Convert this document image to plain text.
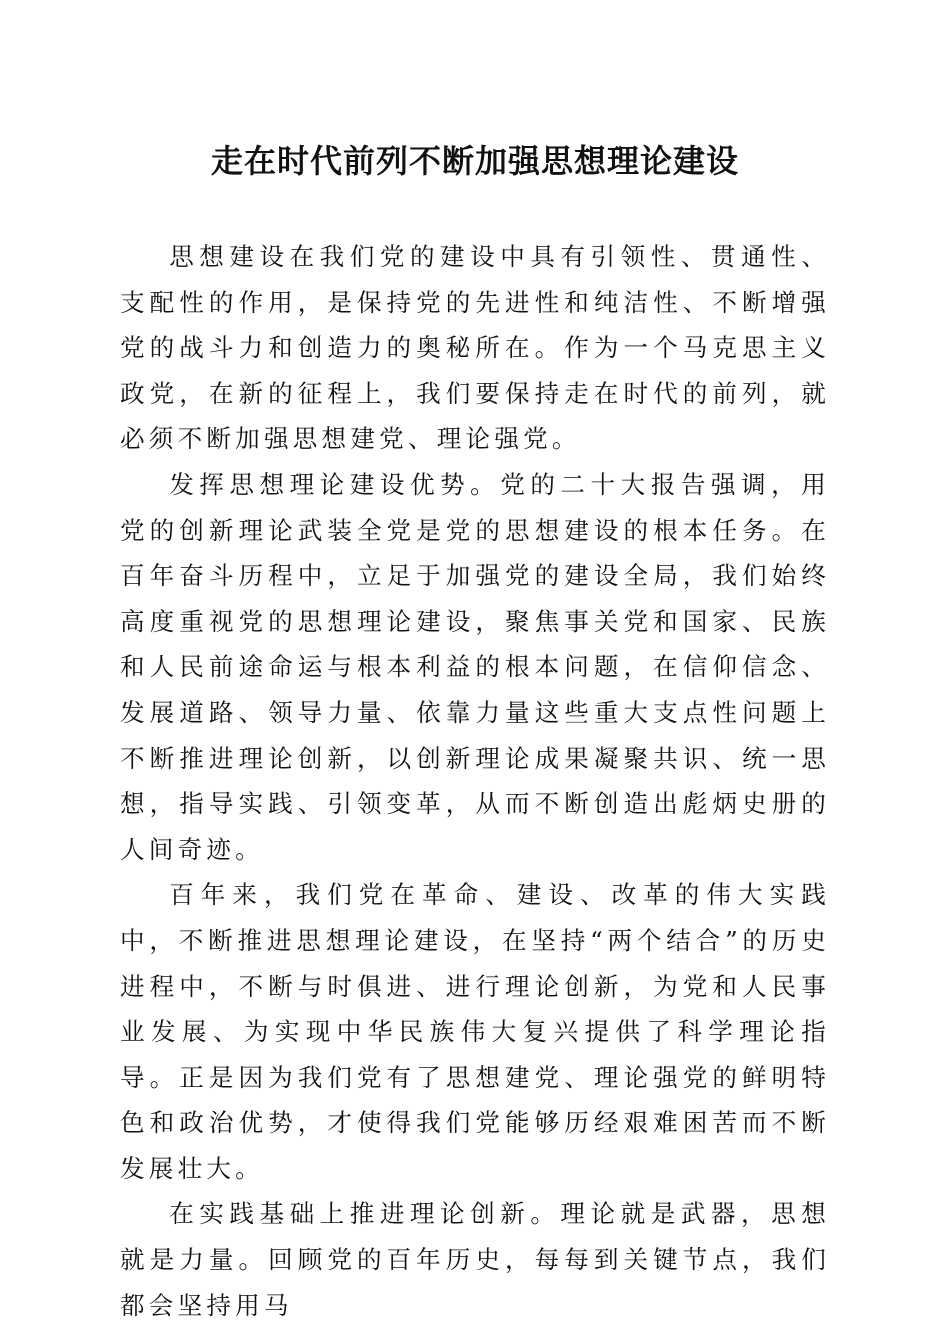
走在时代前列不断加强思想理论建设

思想建设在我们党的建设中具有引领性、贯通性、支配性的作用，是保持党的先进性和纯洁性、不断增强党的战斗力和创造力的奥秘所在。作为一个马克思主义政党，在新的征程上，我们要保持走在时代的前列，就必须不断加强思想建党、理论强党。

发挥思想理论建设优势。党的二十大报告强调，用党的创新理论武装全党是党的思想建设的根本任务。在百年奋斗历程中，立足于加强党的建设全局，我们始终高度重视党的思想理论建设，聚焦事关党和国家、民族和人民前途命运与根本利益的根本问题，在信仰信念、发展道路、领导力量、依靠力量这些重大支点性问题上不断推进理论创新，以创新理论成果凝聚共识、统一思想，指导实践、引领变革，从而不断创造出彪炳史册的人间奇迹。

百年来，我们党在革命、建设、改革的伟大实践中，不断推进思想理论建设，在坚持“两个结合”的历史进程中，不断与时俱进、进行理论创新，为党和人民事业发展、为实现中华民族伟大复兴提供了科学理论指导。正是因为我们党有了思想建党、理论强党的鲜明特色和政治优势，才使得我们党能够历经艰难困苦而不断发展壮大。

在实践基础上推进理论创新。理论就是武器，思想就是力量。回顾党的百年历史，每每到关键节点，我们都会坚持用马
